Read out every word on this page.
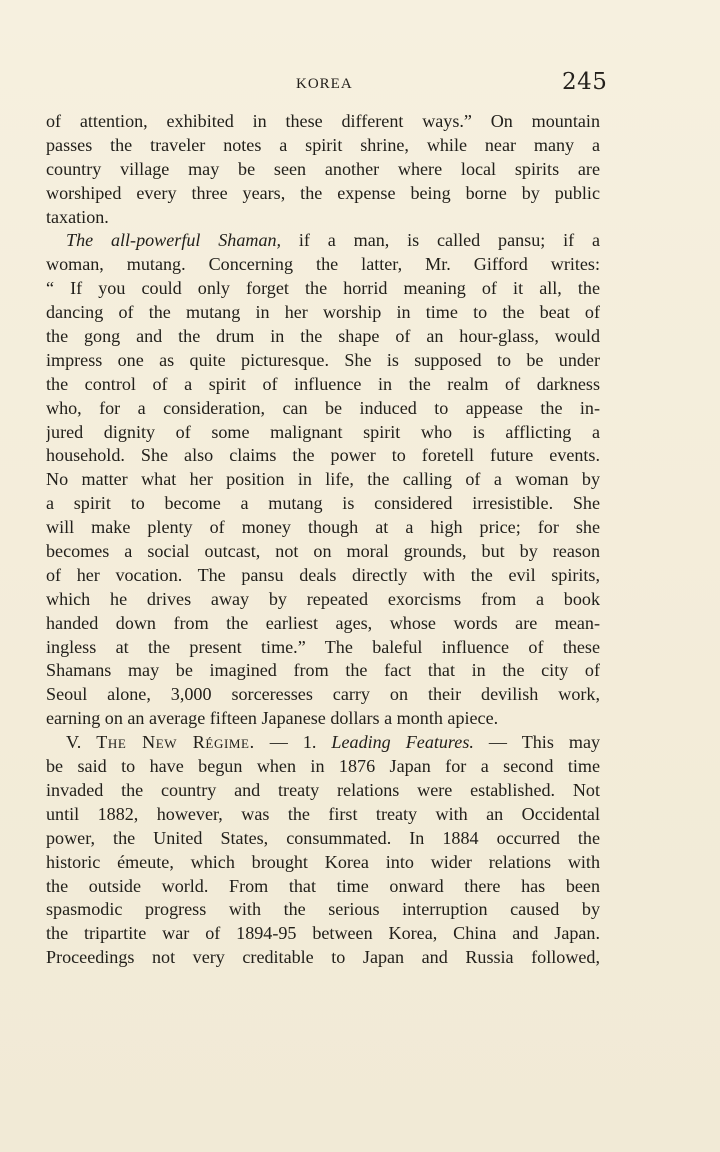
KOREA	245
of attention, exhibited in these different ways.” On mountain
passes the traveler notes a spirit shrine, while near many a
country village may be seen another where local spirits are
worshiped every three years, the expense being borne by public
taxation.
The all-powerful Shaman, if a man, is called pansu; if a
woman, mutang. Concerning the latter, Mr. Gifford writes:
“ If you could only forget the horrid meaning of it all, the
dancing of the mutang in her worship in time to the beat of
the gong and the drum in the shape of an hour-glass, would
impress one as quite picturesque. She is supposed to be under
the control of a spirit of influence in the realm of darkness
who, for a consideration, can be induced to appease the in-
jured dignity of some malignant spirit who is afflicting a
household. She also claims the power to foretell future events.
No matter what her position in life, the calling of a woman by
a spirit to become a mutang is considered irresistible. She
will make plenty of money though at a high price; for she
becomes a social outcast, not on moral grounds, but by reason
of her vocation. The pansu deals directly with the evil spirits,
which he drives away by repeated exorcisms from a book
handed down from the earliest ages, whose words are mean-
ingless at the present time.” The baleful influence of these
Shamans may be imagined from the fact that in the city of
Seoul alone, 3,000 sorceresses carry on their devilish work,
earning on an average fifteen Japanese dollars a month apiece.
V. The New Régime. — 1. Leading Features. — This may
be said to have begun when in 1876 Japan for a second time
invaded the country and treaty relations were established. Not
until 1882, however, was the first treaty with an Occidental
power, the United States, consummated. In 1884 occurred the
historic émeute, which brought Korea into wider relations with
the outside world. From that time onward there has been
spasmodic progress with the serious interruption caused by
the tripartite war of 1894-95 between Korea, China and Japan.
Proceedings not very creditable to Japan and Russia followed,
